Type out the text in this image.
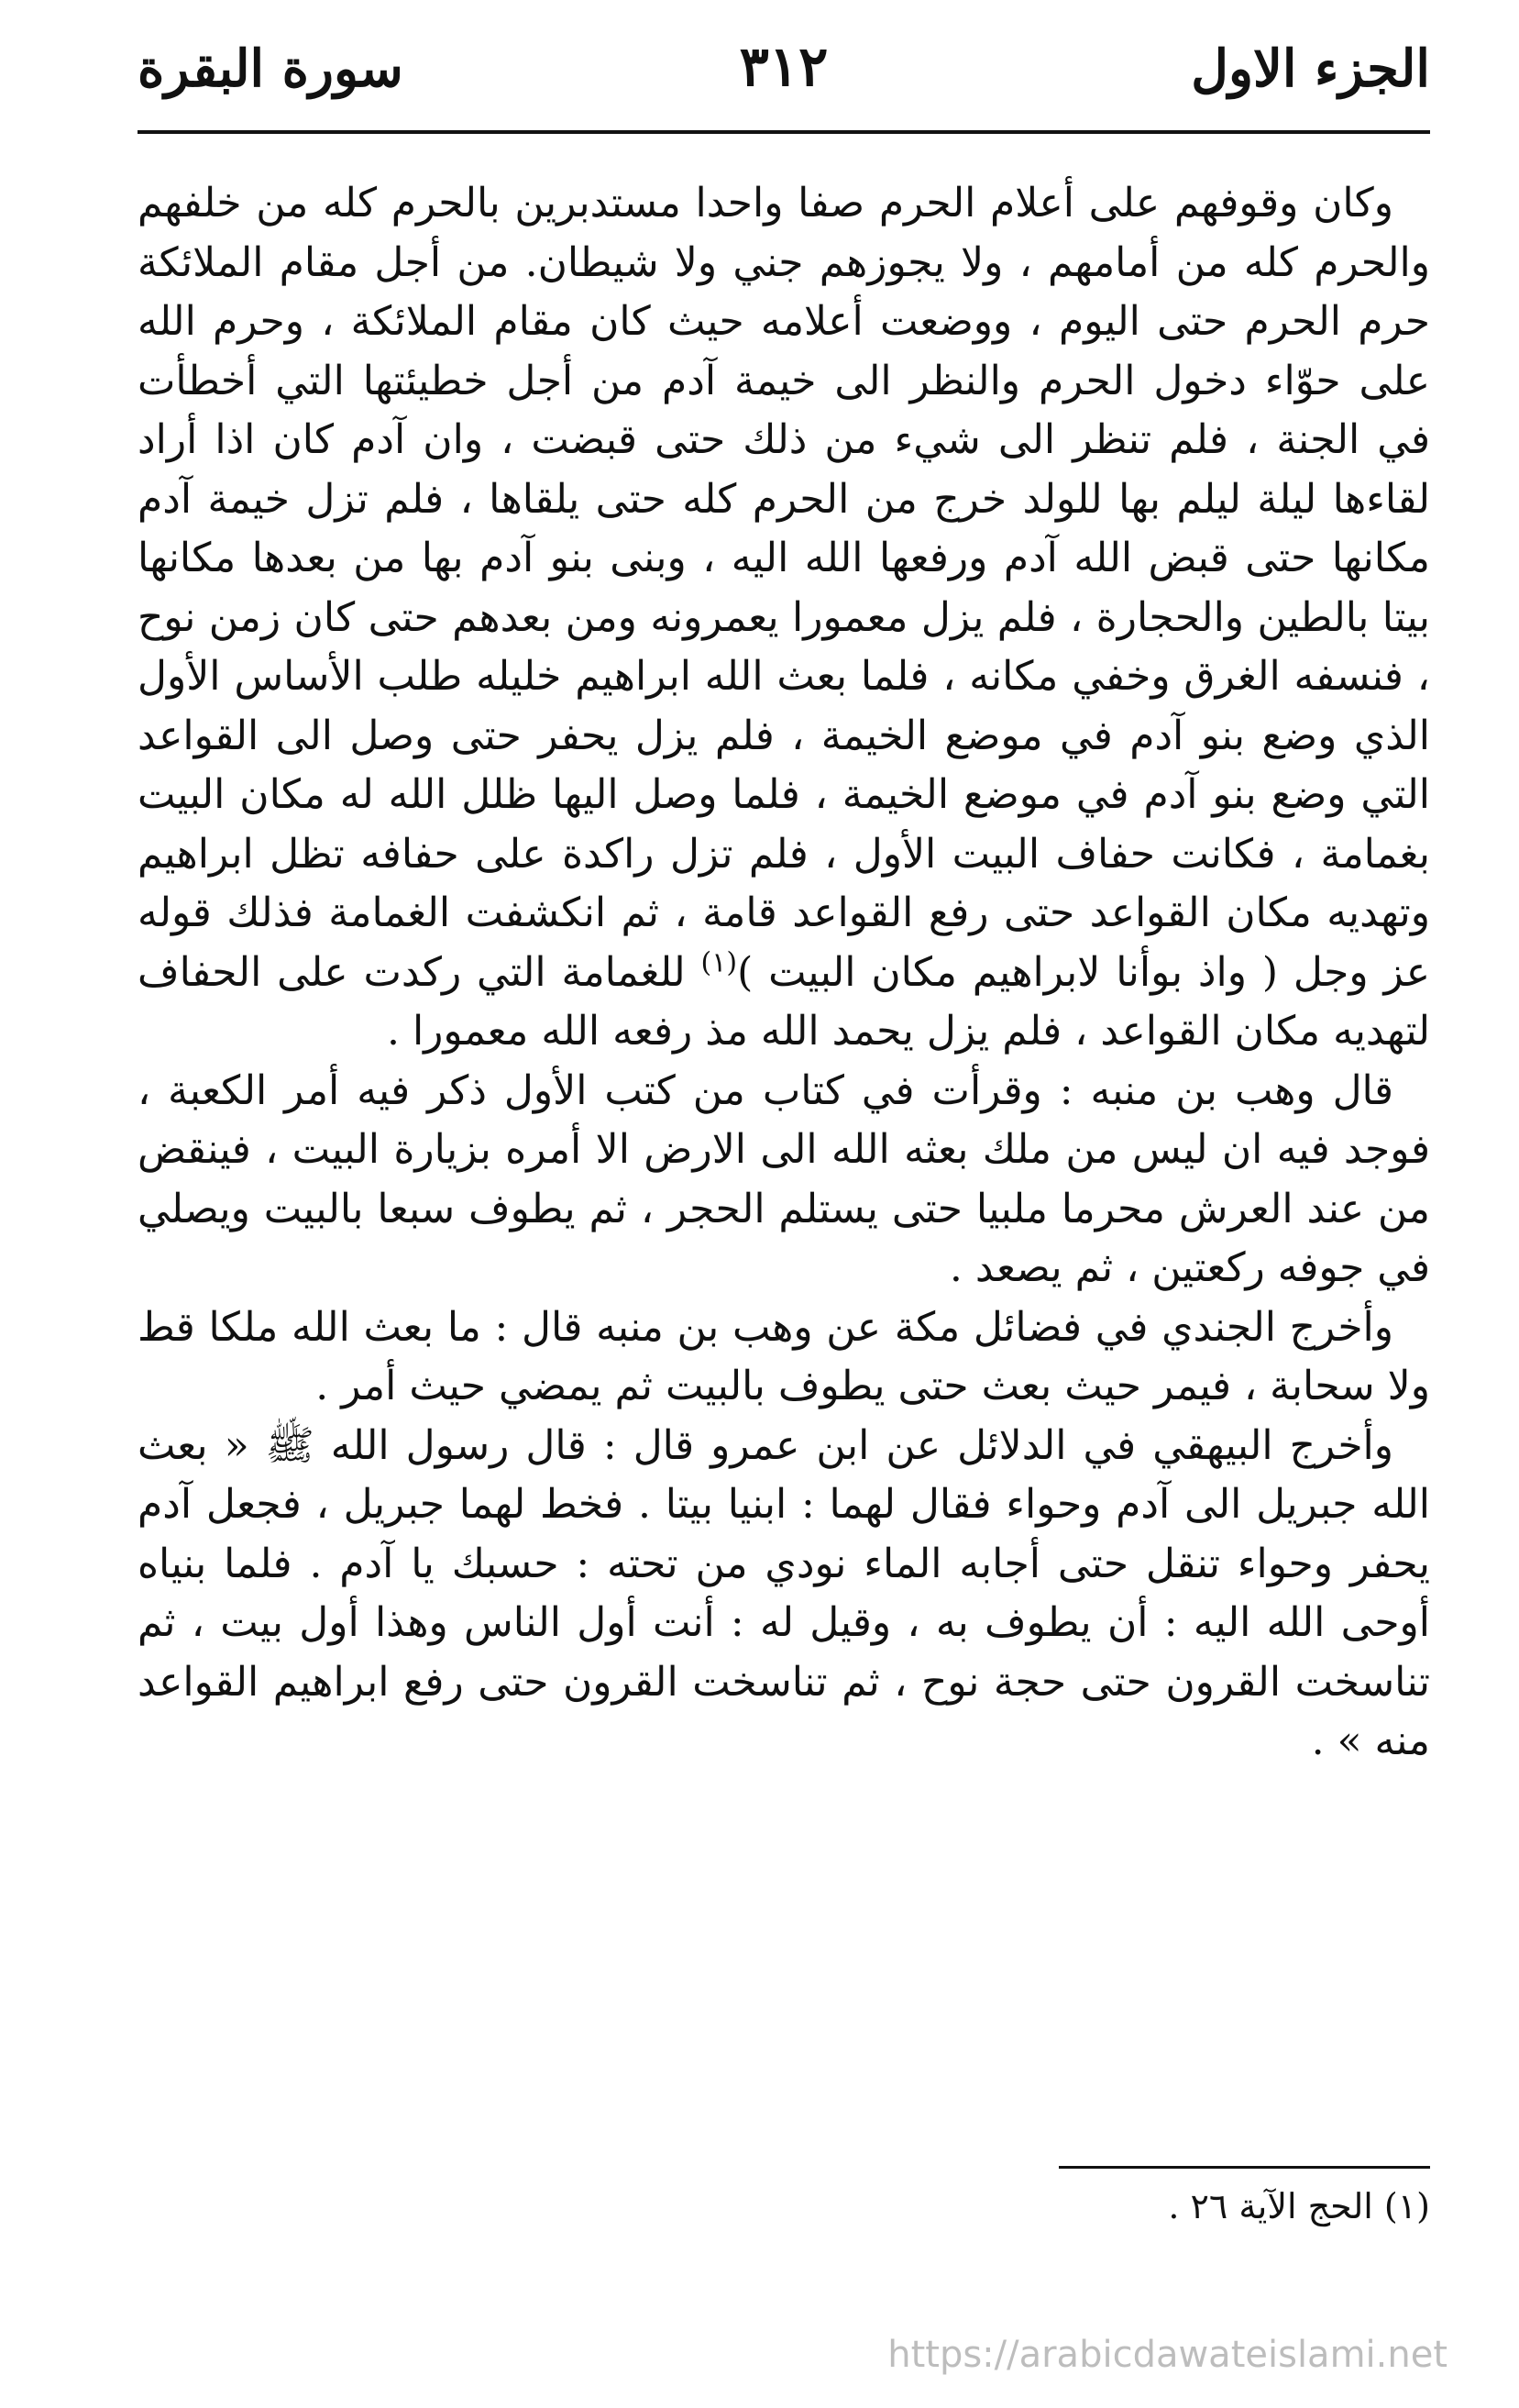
الجزء الاول
٣١٢
سورة البقرة

وكان وقوفهم على أعلام الحرم صفا واحدا مستدبرين بالحرم كله من خلفهم والحرم كله من أمامهم ، ولا يجوزهم جني ولا شيطان. من أجل مقام الملائكة حرم الحرم حتى اليوم ، ووضعت أعلامه حيث كان مقام الملائكة ، وحرم الله على حوّاء دخول الحرم والنظر الى خيمة آدم من أجل خطيئتها التي أخطأت في الجنة ، فلم تنظر الى شيء من ذلك حتى قبضت ، وان آدم كان اذا أراد لقاءها ليلة ليلم بها للولد خرج من الحرم كله حتى يلقاها ، فلم تزل خيمة آدم مكانها حتى قبض الله آدم ورفعها الله اليه ، وبنى بنو آدم بها من بعدها مكانها بيتا بالطين والحجارة ، فلم يزل معمورا يعمرونه ومن بعدهم حتى كان زمن نوح ، فنسفه الغرق وخفي مكانه ، فلما بعث الله ابراهيم خليله طلب الأساس الأول الذي وضع بنو آدم في موضع الخيمة ، فلم يزل يحفر حتى وصل الى القواعد التي وضع بنو آدم في موضع الخيمة ، فلما وصل اليها ظلل الله له مكان البيت بغمامة ، فكانت حفاف البيت الأول ، فلم تزل راكدة على حفافه تظل ابراهيم وتهديه مكان القواعد حتى رفع القواعد قامة ، ثم انكشفت الغمامة فذلك قوله عز وجل ( واذ بوأنا لابراهيم مكان البيت )$^{(١)}$ للغمامة التي ركدت على الحفاف لتهديه مكان القواعد ، فلم يزل يحمد الله مذ رفعه الله معمورا .

قال وهب بن منبه : وقرأت في كتاب من كتب الأول ذكر فيه أمر الكعبة ، فوجد فيه ان ليس من ملك بعثه الله الى الارض الا أمره بزيارة البيت ، فينقض من عند العرش محرما ملبيا حتى يستلم الحجر ، ثم يطوف سبعا بالبيت ويصلي في جوفه ركعتين ، ثم يصعد .

وأخرج الجندي في فضائل مكة عن وهب بن منبه قال : ما بعث الله ملكا قط ولا سحابة ، فيمر حيث بعث حتى يطوف بالبيت ثم يمضي حيث أمر .

وأخرج البيهقي في الدلائل عن ابن عمرو قال : قال رسول الله ﷺ « بعث الله جبريل الى آدم وحواء فقال لهما : ابنيا بيتا . فخط لهما جبريل ، فجعل آدم يحفر وحواء تنقل حتى أجابه الماء نودي من تحته : حسبك يا آدم . فلما بنياه أوحى الله اليه : أن يطوف به ، وقيل له : أنت أول الناس وهذا أول بيت ، ثم تناسخت القرون حتى حجة نوح ، ثم تناسخت القرون حتى رفع ابراهيم القواعد منه » .

(١) الحج الآية ٢٦ .
https://arabicdawateislami.net
